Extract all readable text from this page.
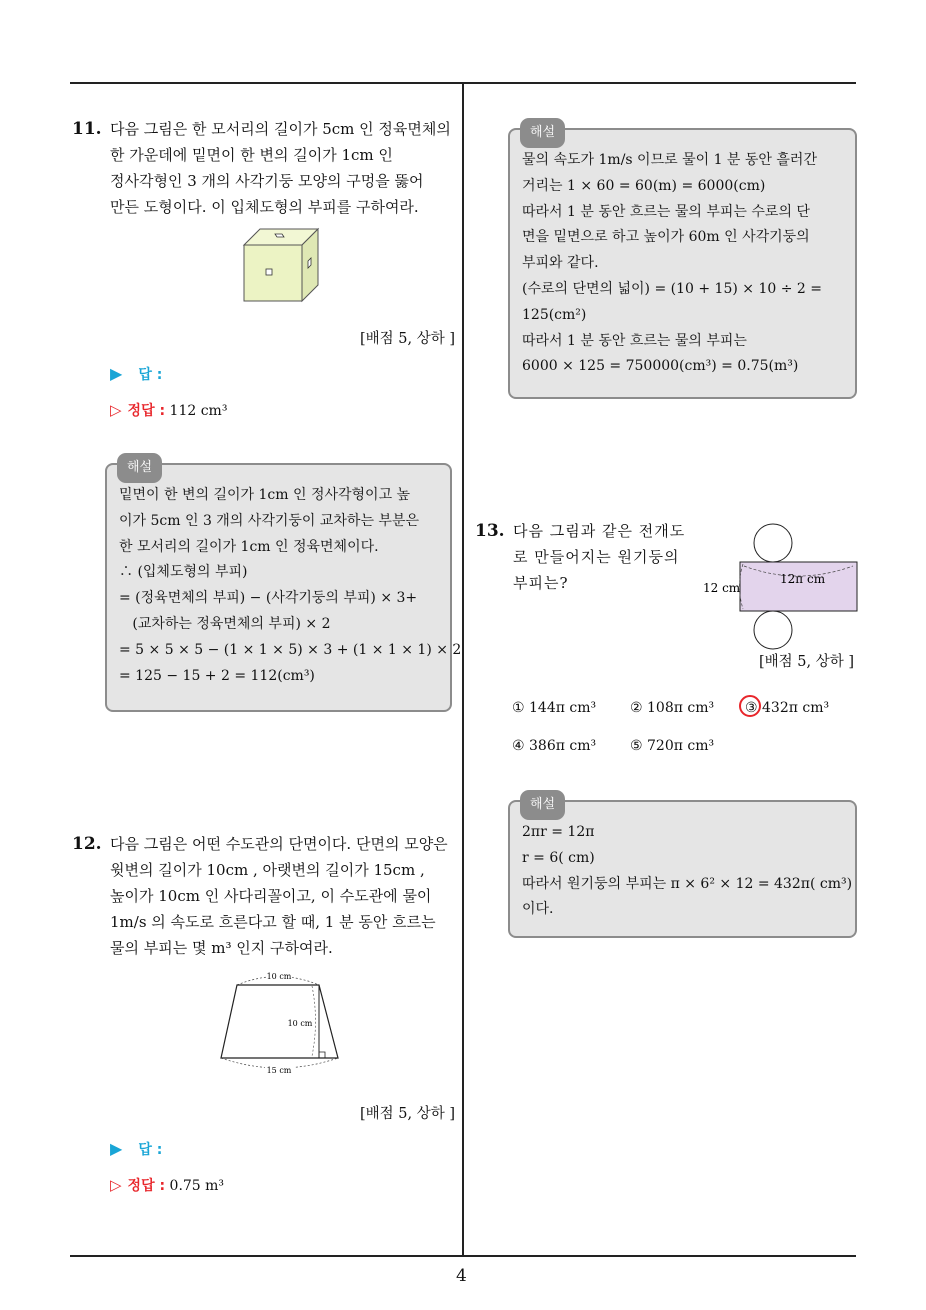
4
11. 다음 그림은 한 모서리의 길이가 5cm 인 정육면체의
한 가운데에 밑면이 한 변의 길이가 1cm 인
정사각형인 3 개의 사각기둥 모양의 구멍을 뚫어
만든 도형이다. 이 입체도형의 부피를 구하여라.
[배점 5, 상하 ]
▶ 답 :
▷ 정답 : 112 cm³
해설
밑면이 한 변의 길이가 1cm 인 정사각형이고 높
이가 5cm 인 3 개의 사각기둥이 교차하는 부분은
한 모서리의 길이가 1cm 인 정육면체이다.
∴ (입체도형의 부피)
= (정육면체의 부피) − (사각기둥의 부피) × 3+
(교차하는 정육면체의 부피) × 2
= 5 × 5 × 5 − (1 × 1 × 5) × 3 + (1 × 1 × 1) × 2
= 125 − 15 + 2 = 112(cm³)
12. 다음 그림은 어떤 수도관의 단면이다. 단면의 모양은
윗변의 길이가 10cm , 아랫변의 길이가 15cm ,
높이가 10cm 인 사다리꼴이고, 이 수도관에 물이
1m/s 의 속도로 흐른다고 할 때, 1 분 동안 흐르는
물의 부피는 몇 m³ 인지 구하여라.
10 cm
10 cm
15 cm
[배점 5, 상하 ]
▶ 답 :
▷ 정답 : 0.75 m³
해설
물의 속도가 1m/s 이므로 물이 1 분 동안 흘러간
거리는 1 × 60 = 60(m) = 6000(cm)
따라서 1 분 동안 흐르는 물의 부피는 수로의 단
면을 밑면으로 하고 높이가 60m 인 사각기둥의
부피와 같다.
(수로의 단면의 넓이) = (10 + 15) × 10 ÷ 2 =
125(cm²)
따라서 1 분 동안 흐르는 물의 부피는
6000 × 125 = 750000(cm³) = 0.75(m³)
13. 다음 그림과 같은 전개도
로 만들어지는 원기둥의
부피는?	12 cm
12π cm
[배점 5, 상하 ]
① 144π cm³ ② 108π cm³ ③ 432π cm³
④ 386π cm³ ⑤ 720π cm³
해설
2πr = 12π
r = 6( cm)
따라서 원기둥의 부피는 π × 6² × 12 = 432π( cm³)
이다.
